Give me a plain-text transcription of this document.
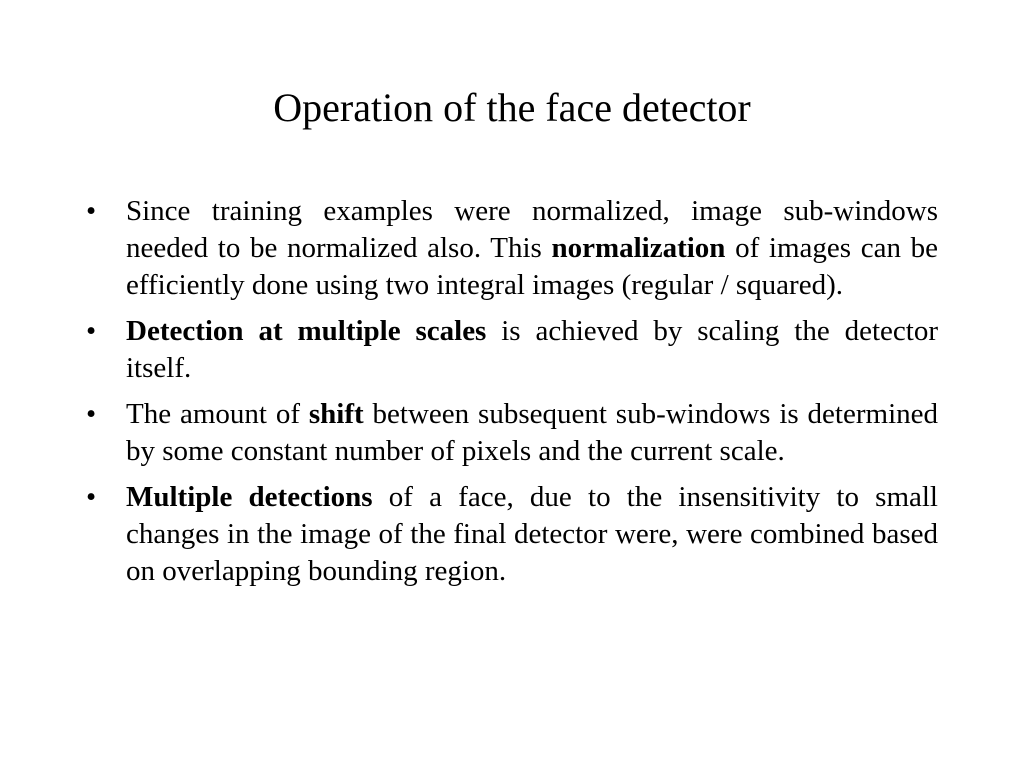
Operation of the face detector
•	Since training examples were normalized, image sub-windows needed to be normalized also. This normalization of images can be efficiently done using two integral images (regular / squared).
•	Detection at multiple scales is achieved by scaling the detector itself.
•	The amount of shift between subsequent sub-windows is determined by some constant number of pixels and the current scale.
•	Multiple detections of a face, due to the insensitivity to small changes in the image of the final detector were, were combined based on overlapping bounding region.
